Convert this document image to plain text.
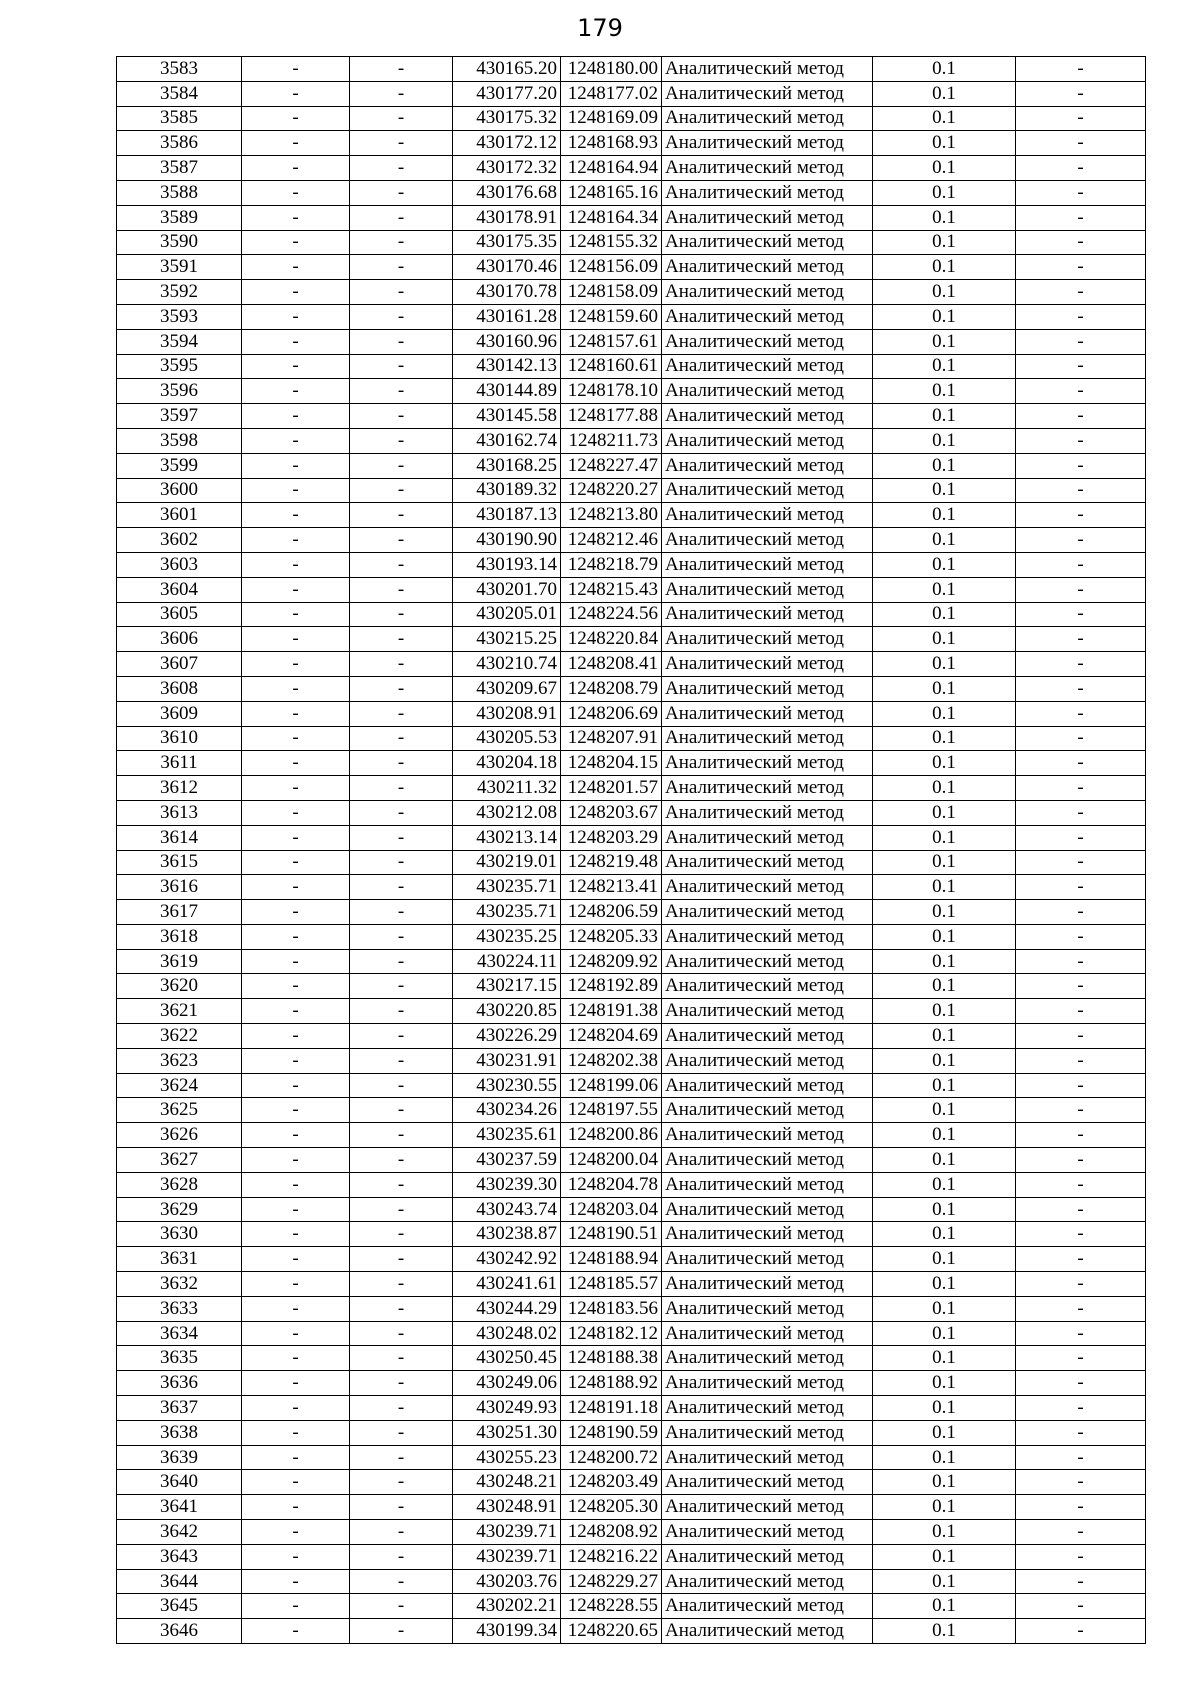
179
3583	-	-	430165.20	1248180.00	Аналитический метод	0.1	-
3584	-	-	430177.20	1248177.02	Аналитический метод	0.1	-
3585	-	-	430175.32	1248169.09	Аналитический метод	0.1	-
3586	-	-	430172.12	1248168.93	Аналитический метод	0.1	-
3587	-	-	430172.32	1248164.94	Аналитический метод	0.1	-
3588	-	-	430176.68	1248165.16	Аналитический метод	0.1	-
3589	-	-	430178.91	1248164.34	Аналитический метод	0.1	-
3590	-	-	430175.35	1248155.32	Аналитический метод	0.1	-
3591	-	-	430170.46	1248156.09	Аналитический метод	0.1	-
3592	-	-	430170.78	1248158.09	Аналитический метод	0.1	-
3593	-	-	430161.28	1248159.60	Аналитический метод	0.1	-
3594	-	-	430160.96	1248157.61	Аналитический метод	0.1	-
3595	-	-	430142.13	1248160.61	Аналитический метод	0.1	-
3596	-	-	430144.89	1248178.10	Аналитический метод	0.1	-
3597	-	-	430145.58	1248177.88	Аналитический метод	0.1	-
3598	-	-	430162.74	1248211.73	Аналитический метод	0.1	-
3599	-	-	430168.25	1248227.47	Аналитический метод	0.1	-
3600	-	-	430189.32	1248220.27	Аналитический метод	0.1	-
3601	-	-	430187.13	1248213.80	Аналитический метод	0.1	-
3602	-	-	430190.90	1248212.46	Аналитический метод	0.1	-
3603	-	-	430193.14	1248218.79	Аналитический метод	0.1	-
3604	-	-	430201.70	1248215.43	Аналитический метод	0.1	-
3605	-	-	430205.01	1248224.56	Аналитический метод	0.1	-
3606	-	-	430215.25	1248220.84	Аналитический метод	0.1	-
3607	-	-	430210.74	1248208.41	Аналитический метод	0.1	-
3608	-	-	430209.67	1248208.79	Аналитический метод	0.1	-
3609	-	-	430208.91	1248206.69	Аналитический метод	0.1	-
3610	-	-	430205.53	1248207.91	Аналитический метод	0.1	-
3611	-	-	430204.18	1248204.15	Аналитический метод	0.1	-
3612	-	-	430211.32	1248201.57	Аналитический метод	0.1	-
3613	-	-	430212.08	1248203.67	Аналитический метод	0.1	-
3614	-	-	430213.14	1248203.29	Аналитический метод	0.1	-
3615	-	-	430219.01	1248219.48	Аналитический метод	0.1	-
3616	-	-	430235.71	1248213.41	Аналитический метод	0.1	-
3617	-	-	430235.71	1248206.59	Аналитический метод	0.1	-
3618	-	-	430235.25	1248205.33	Аналитический метод	0.1	-
3619	-	-	430224.11	1248209.92	Аналитический метод	0.1	-
3620	-	-	430217.15	1248192.89	Аналитический метод	0.1	-
3621	-	-	430220.85	1248191.38	Аналитический метод	0.1	-
3622	-	-	430226.29	1248204.69	Аналитический метод	0.1	-
3623	-	-	430231.91	1248202.38	Аналитический метод	0.1	-
3624	-	-	430230.55	1248199.06	Аналитический метод	0.1	-
3625	-	-	430234.26	1248197.55	Аналитический метод	0.1	-
3626	-	-	430235.61	1248200.86	Аналитический метод	0.1	-
3627	-	-	430237.59	1248200.04	Аналитический метод	0.1	-
3628	-	-	430239.30	1248204.78	Аналитический метод	0.1	-
3629	-	-	430243.74	1248203.04	Аналитический метод	0.1	-
3630	-	-	430238.87	1248190.51	Аналитический метод	0.1	-
3631	-	-	430242.92	1248188.94	Аналитический метод	0.1	-
3632	-	-	430241.61	1248185.57	Аналитический метод	0.1	-
3633	-	-	430244.29	1248183.56	Аналитический метод	0.1	-
3634	-	-	430248.02	1248182.12	Аналитический метод	0.1	-
3635	-	-	430250.45	1248188.38	Аналитический метод	0.1	-
3636	-	-	430249.06	1248188.92	Аналитический метод	0.1	-
3637	-	-	430249.93	1248191.18	Аналитический метод	0.1	-
3638	-	-	430251.30	1248190.59	Аналитический метод	0.1	-
3639	-	-	430255.23	1248200.72	Аналитический метод	0.1	-
3640	-	-	430248.21	1248203.49	Аналитический метод	0.1	-
3641	-	-	430248.91	1248205.30	Аналитический метод	0.1	-
3642	-	-	430239.71	1248208.92	Аналитический метод	0.1	-
3643	-	-	430239.71	1248216.22	Аналитический метод	0.1	-
3644	-	-	430203.76	1248229.27	Аналитический метод	0.1	-
3645	-	-	430202.21	1248228.55	Аналитический метод	0.1	-
3646	-	-	430199.34	1248220.65	Аналитический метод	0.1	-
